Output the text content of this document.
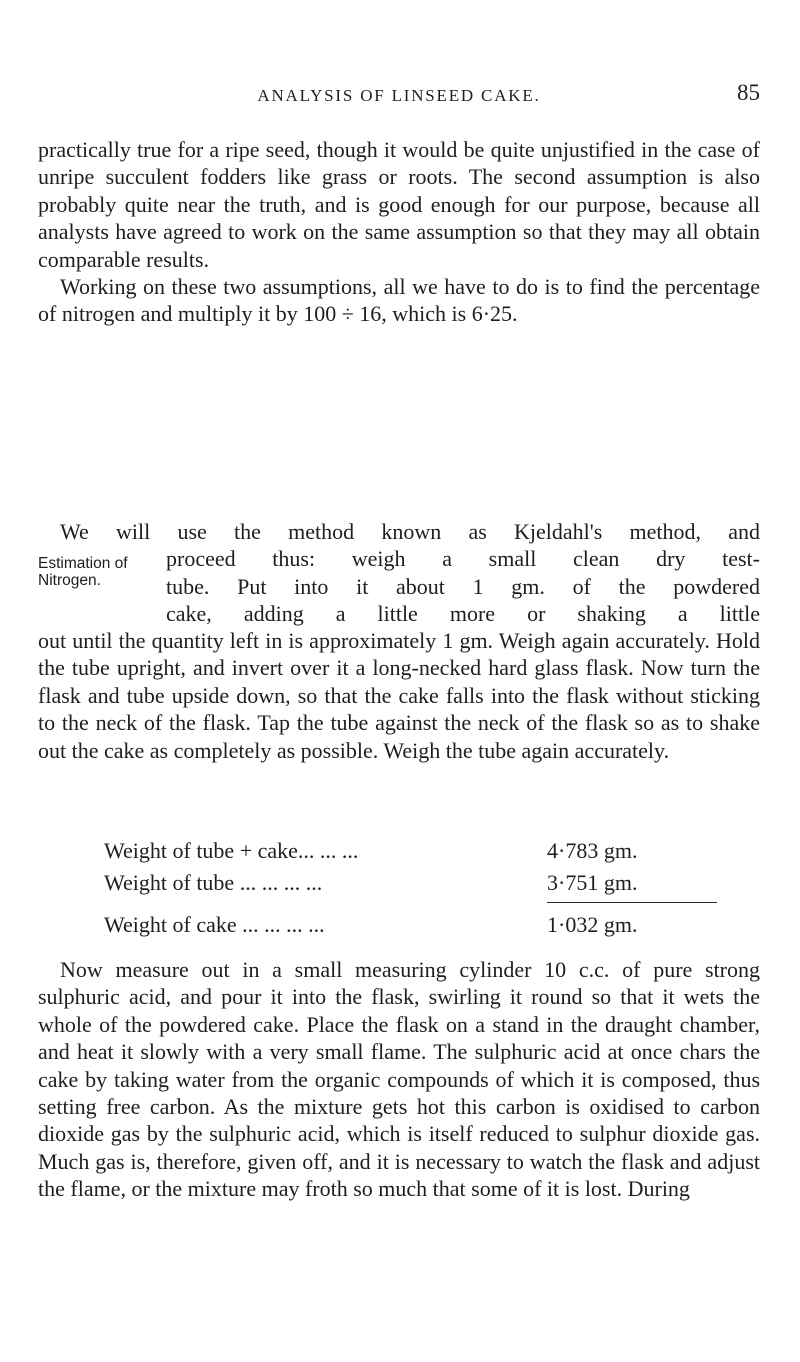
ANALYSIS OF LINSEED CAKE.	85

practically true for a ripe seed, though it would be quite unjustified in the case of unripe succulent fodders like grass or roots. The second assumption is also probably quite near the truth, and is good enough for our purpose, because all analysts have agreed to work on the same assumption so that they may all obtain comparable results.

Working on these two assumptions, all we have to do is to find the percentage of nitrogen and multiply it by 100 ÷ 16, which is 6·25.

Estimation of
Nitrogen.
We will use the method known as Kjeldahl's method, and
proceed thus: weigh a small clean dry test-
tube. Put into it about 1 gm. of the powdered
cake, adding a little more or shaking a little

out until the quantity left in is approximately 1 gm. Weigh again accurately. Hold the tube upright, and invert over it a long-necked hard glass flask. Now turn the flask and tube upside down, so that the cake falls into the flask without sticking to the neck of the flask. Tap the tube against the neck of the flask so as to shake out the cake as completely as possible. Weigh the tube again accurately.

Weight of tube + cake... ... ...	4·783 gm.
Weight of tube ... ... ... ...	3·751 gm.
Weight of cake ... ... ... ...	1·032 gm.

Now measure out in a small measuring cylinder 10 c.c. of pure strong sulphuric acid, and pour it into the flask, swirling it round so that it wets the whole of the powdered cake. Place the flask on a stand in the draught chamber, and heat it slowly with a very small flame. The sulphuric acid at once chars the cake by taking water from the organic compounds of which it is composed, thus setting free carbon. As the mixture gets hot this carbon is oxidised to carbon dioxide gas by the sulphuric acid, which is itself reduced to sulphur dioxide gas. Much gas is, therefore, given off, and it is necessary to watch the flask and adjust the flame, or the mixture may froth so much that some of it is lost. During
